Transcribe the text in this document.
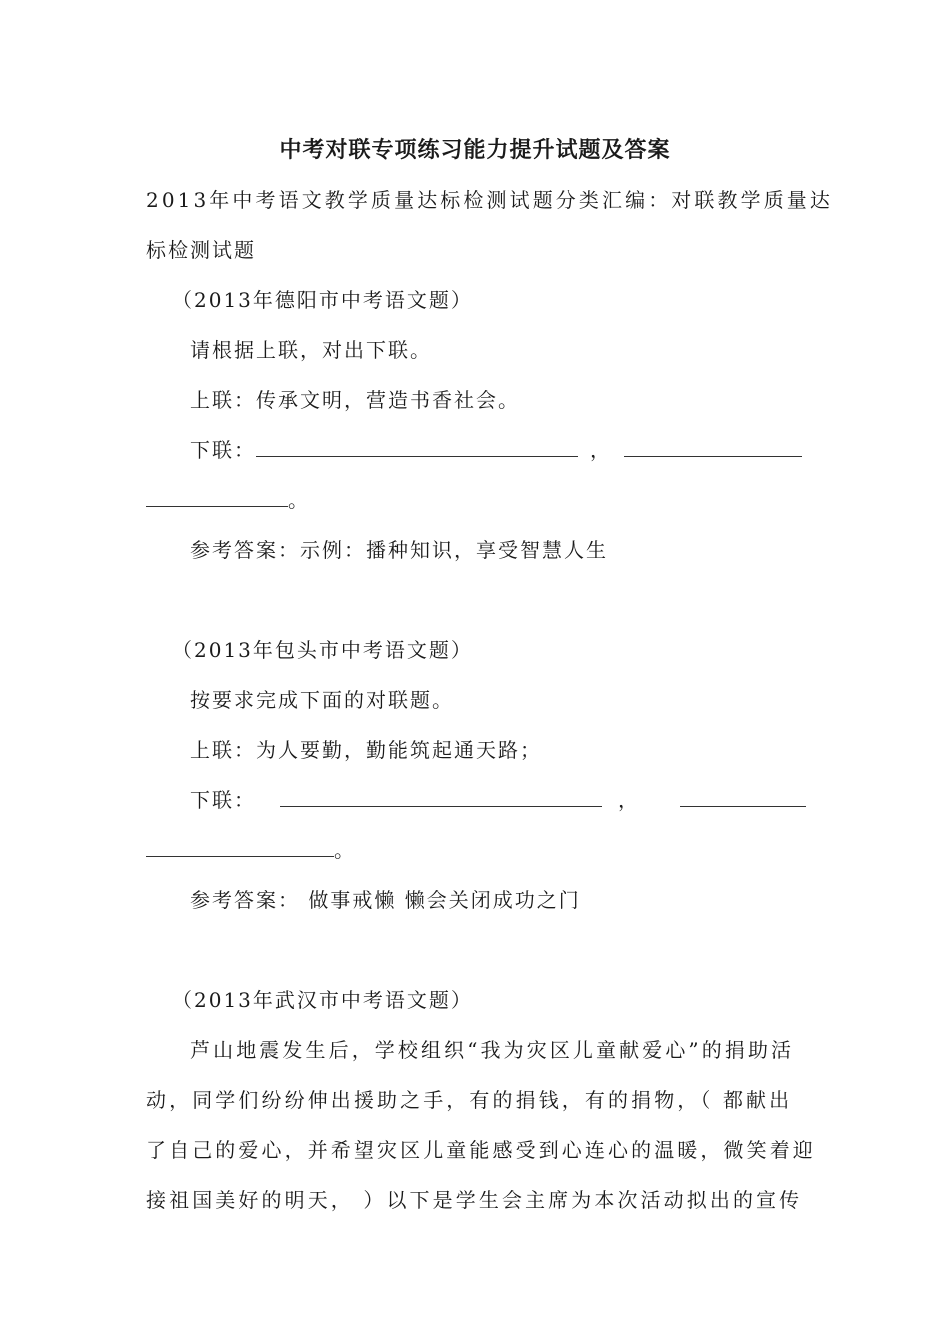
中考对联专项练习能力提升试题及答案
2013年中考语文教学质量达标检测试题分类汇编：对联教学质量达
标检测试题
（2013年德阳市中考语文题）
请根据上联，对出下联。
上联：传承文明，营造书香社会。
下联：	，
。
参考答案：示例：播种知识，享受智慧人生
（2013年包头市中考语文题）
按要求完成下面的对联题。
上联：为人要勤，勤能筑起通天路；
下联：	，
。
参考答案： 做事戒懒 懒会关闭成功之门
（2013年武汉市中考语文题）
芦山地震发生后，学校组织“我为灾区儿童献爱心”的捐助活
动，同学们纷纷伸出援助之手，有的捐钱，有的捐物，（ 都献出
了自己的爱心，并希望灾区儿童能感受到心连心的温暖，微笑着迎
接祖国美好的明天， ）以下是学生会主席为本次活动拟出的宣传
